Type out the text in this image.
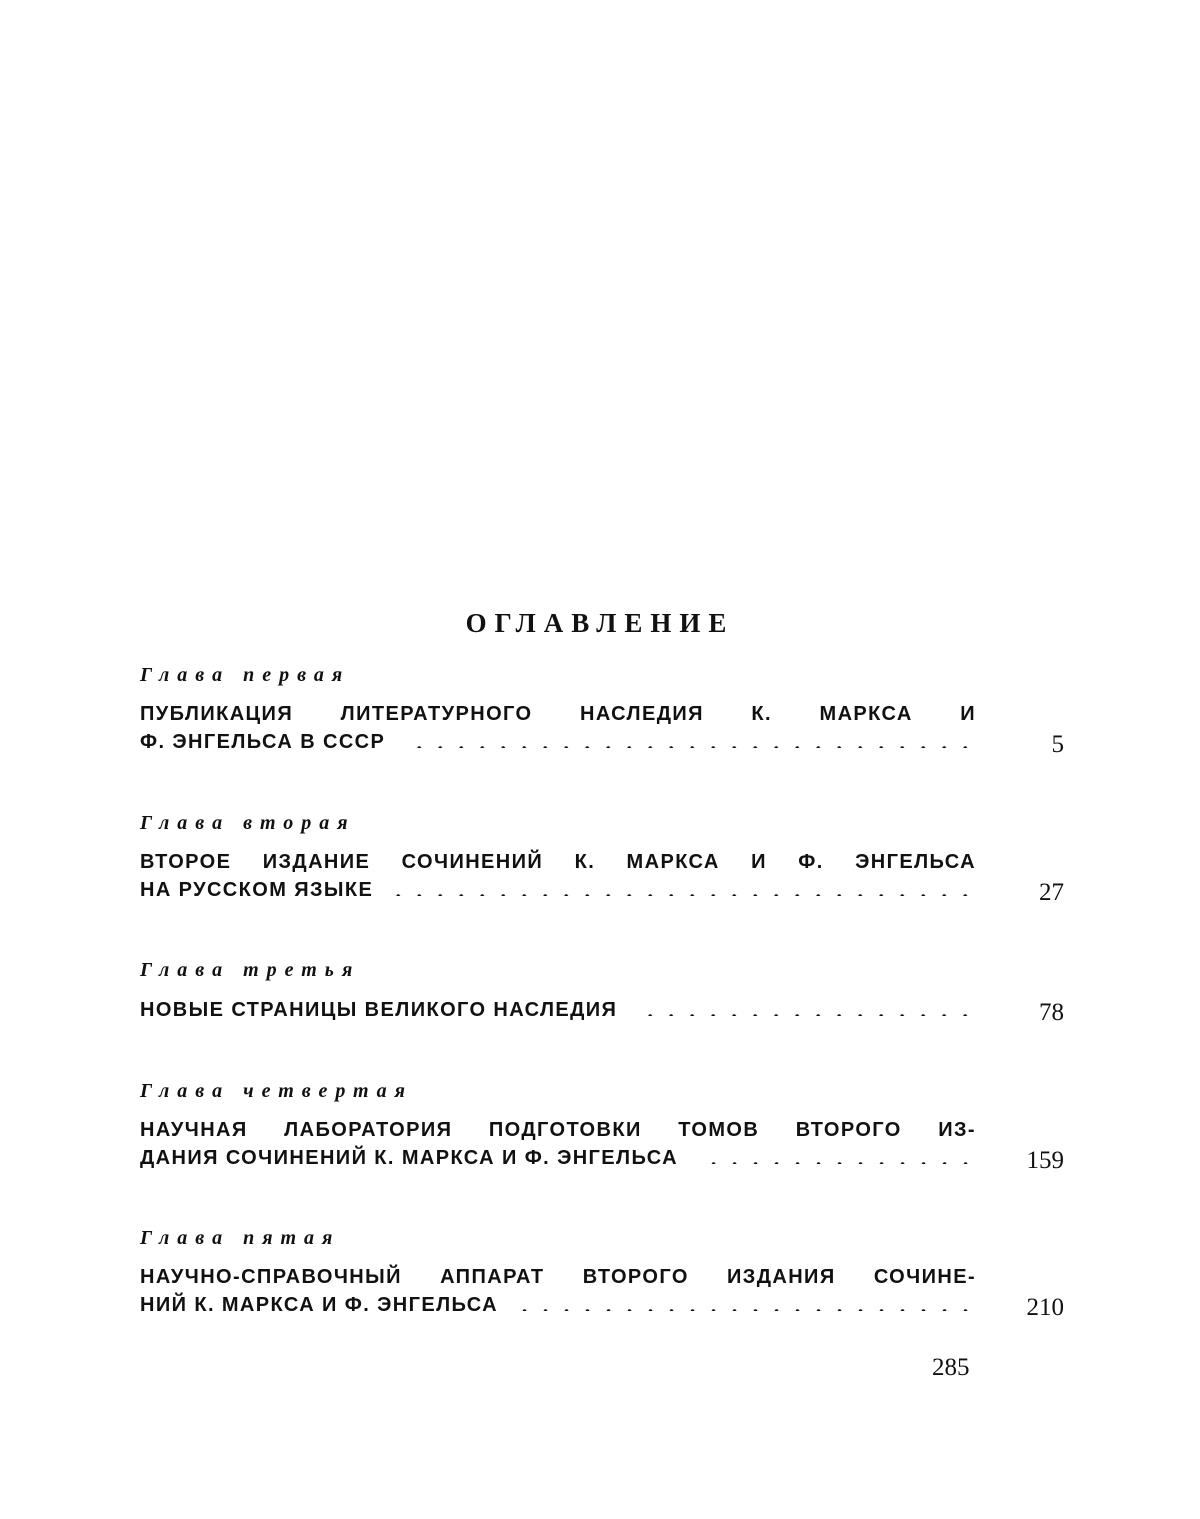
ОГЛАВЛЕНИЕ
Глава первая
ПУБЛИКАЦИЯ ЛИТЕРАТУРНОГО НАСЛЕДИЯ К. МАРКСА И
Ф. ЭНГЕЛЬСА В СССР	5
Глава вторая
ВТОРОЕ ИЗДАНИЕ СОЧИНЕНИЙ К. МАРКСА И Ф. ЭНГЕЛЬСА
НА РУССКОМ ЯЗЫКЕ	27
Глава третья
НОВЫЕ СТРАНИЦЫ ВЕЛИКОГО НАСЛЕДИЯ	78
Глава четвертая
НАУЧНАЯ ЛАБОРАТОРИЯ ПОДГОТОВКИ ТОМОВ ВТОРОГО ИЗ-
ДАНИЯ СОЧИНЕНИЙ К. МАРКСА И Ф. ЭНГЕЛЬСА	159
Глава пятая
НАУЧНО-СПРАВОЧНЫЙ АППАРАТ ВТОРОГО ИЗДАНИЯ СОЧИНЕ-
НИЙ К. МАРКСА И Ф. ЭНГЕЛЬСА	210
285
